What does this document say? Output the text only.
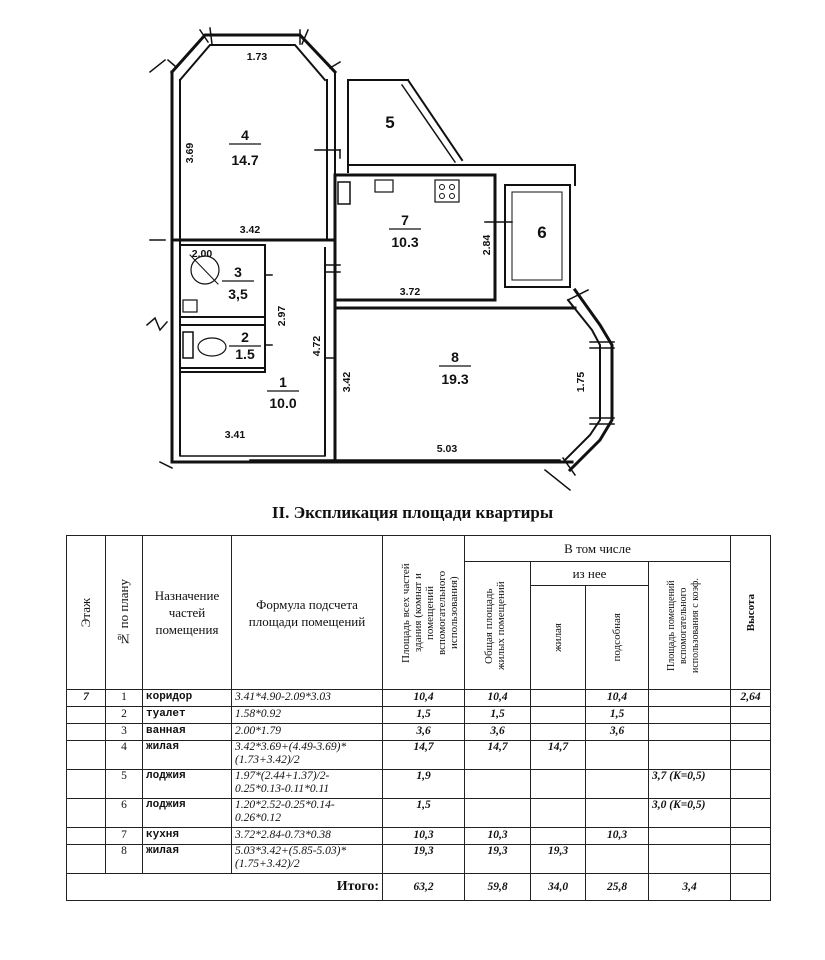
4
14.7
5
7
10.3	6
3
3,5
2
1.5
1
10.0
8
19.3
1.73
3.69
3.42
2.00
2.97
4.72
2.84
3.72
3.42	1.75
3.41
5.03
II. Экспликация площади квартиры
Этаж	№ по плану	Назначение частей помещения	Формула подсчета площади помещений	Площадь всех частей здания (комнат и помещений вспомогательного использования)	В том числе				Высота

					Общая площадь жилых помещений	из нее		Площадь помещений вспомогательного использования с коэф.	

						жилая	подсобная		

7	1	коридор	3.41*4.90-2.09*3.03	10,4	10,4		10,4		2,64
	2	туалет	1.58*0.92	1,5	1,5		1,5		
	3	ванная	2.00*1.79	3,6	3,6		3,6		
	4	жилая	3.42*3.69+(4.49-3.69)* (1.73+3.42)/2	14,7	14,7	14,7			
	5	лоджия	1.97*(2.44+1.37)/2- 0.25*0.13-0.11*0.11	1,9				3,7 (K=0,5)	
	6	лоджия	1.20*2.52-0.25*0.14- 0.26*0.12	1,5				3,0 (K=0,5)	
	7	кухня	3.72*2.84-0.73*0.38	10,3	10,3		10,3		
	8	жилая	5.03*3.42+(5.85-5.03)* (1.75+3.42)/2	19,3	19,3	19,3			
Итого:				63,2	59,8	34,0	25,8	3,4	
